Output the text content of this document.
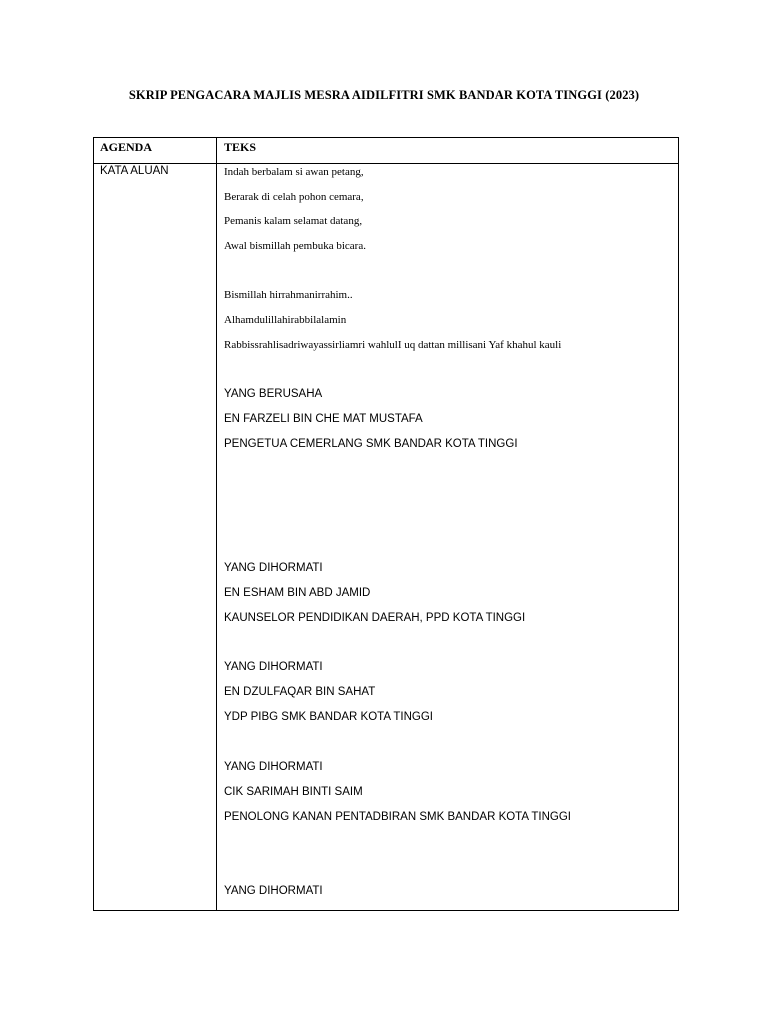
SKRIP PENGACARA MAJLIS MESRA AIDILFITRI SMK BANDAR KOTA TINGGI (2023)
AGENDA	TEKS
KATA ALUAN	Indah berbalam si awan petang,
Berarak di celah pohon cemara,
Pemanis kalam selamat datang,
Awal bismillah pembuka bicara.
Bismillah hirrahmanirrahim..
Alhamdulillahirabbilalamin
Rabbissrahlisadriwayassirliamri wahlulI uq dattan millisani Yaf khahul kauli
YANG BERUSAHA
EN FARZELI BIN CHE MAT MUSTAFA
PENGETUA CEMERLANG SMK BANDAR KOTA TINGGI
YANG DIHORMATI
EN ESHAM BIN ABD JAMID
KAUNSELOR PENDIDIKAN DAERAH, PPD KOTA TINGGI
YANG DIHORMATI
EN DZULFAQAR BIN SAHAT
YDP PIBG SMK BANDAR KOTA TINGGI
YANG DIHORMATI
CIK SARIMAH BINTI SAIM
PENOLONG KANAN PENTADBIRAN SMK BANDAR KOTA TINGGI
YANG DIHORMATI
